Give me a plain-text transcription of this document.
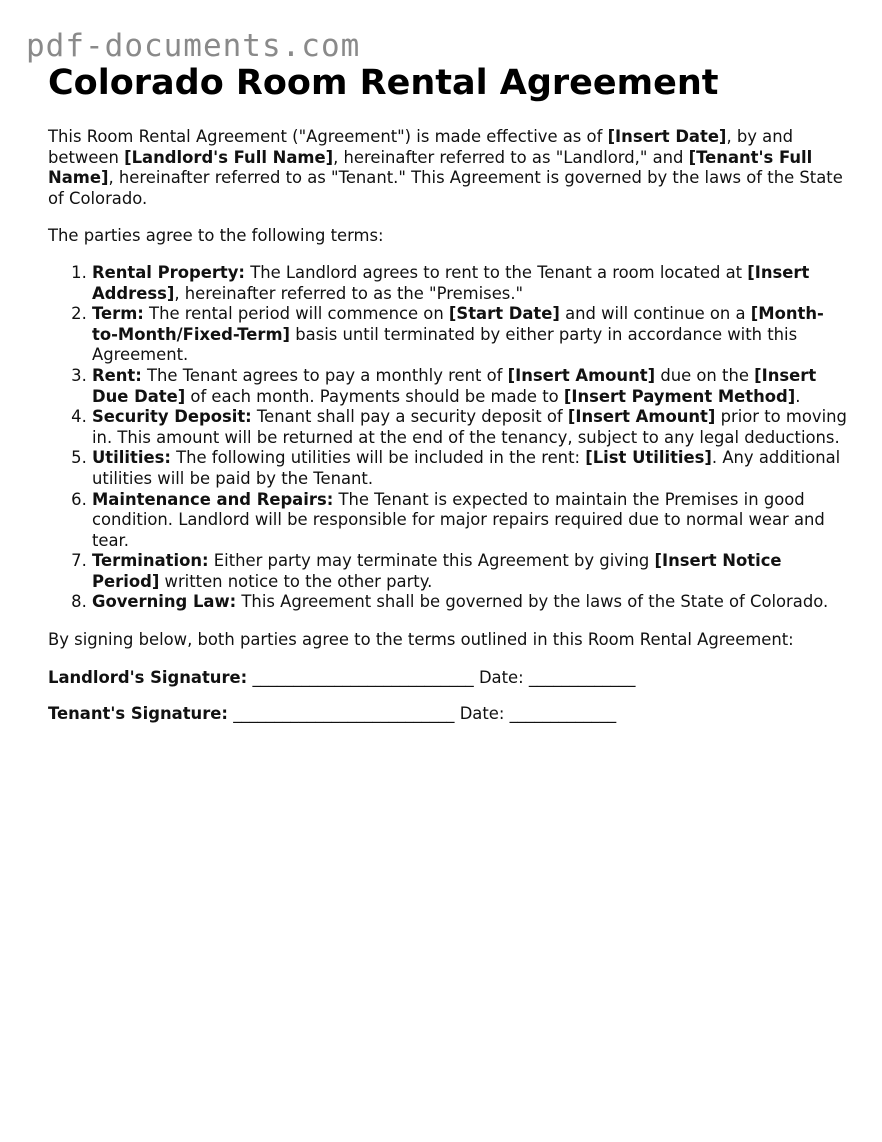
pdf-documents.com
Colorado Room Rental Agreement

This Room Rental Agreement ("Agreement") is made effective as of [Insert Date], by and between [Landlord's Full Name], hereinafter referred to as "Landlord," and [Tenant's Full Name], hereinafter referred to as "Tenant." This Agreement is governed by the laws of the State of Colorado.

The parties agree to the following terms:

1. Rental Property: The Landlord agrees to rent to the Tenant a room located at [Insert Address], hereinafter referred to as the "Premises."
2. Term: The rental period will commence on [Start Date] and will continue on a [Month-to-Month/Fixed-Term] basis until terminated by either party in accordance with this Agreement.
3. Rent: The Tenant agrees to pay a monthly rent of [Insert Amount] due on the [Insert Due Date] of each month. Payments should be made to [Insert Payment Method].
4. Security Deposit: Tenant shall pay a security deposit of [Insert Amount] prior to moving in. This amount will be returned at the end of the tenancy, subject to any legal deductions.
5. Utilities: The following utilities will be included in the rent: [List Utilities]. Any additional utilities will be paid by the Tenant.
6. Maintenance and Repairs: The Tenant is expected to maintain the Premises in good condition. Landlord will be responsible for major repairs required due to normal wear and tear.
7. Termination: Either party may terminate this Agreement by giving [Insert Notice Period] written notice to the other party.
8. Governing Law: This Agreement shall be governed by the laws of the State of Colorado.

By signing below, both parties agree to the terms outlined in this Room Rental Agreement:

Landlord's Signature: ___________________________ Date: _____________

Tenant's Signature: ___________________________ Date: _____________
